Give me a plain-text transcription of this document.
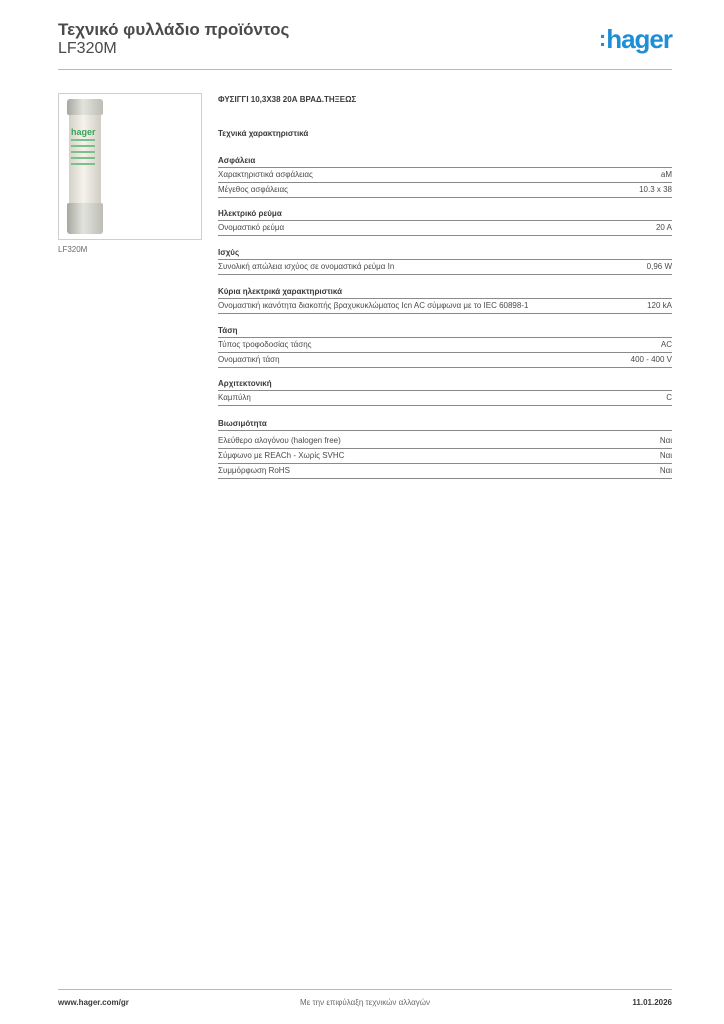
Τεχνικό φυλλάδιο προϊόντος
LF320M	:hager
hager
LF320M
ΦΥΣΙΓΓΙ 10,3Χ38 20Α ΒΡΑΔ.ΤΗΞΕΩΣ
Τεχνικά χαρακτηριστικά
Ασφάλεια
Χαρακτηριστικά ασφάλειας	aM
Μέγεθος ασφάλειας	10.3 x 38
Ηλεκτρικό ρεύμα
Ονομαστικό ρεύμα	20 A
Ισχύς
Συνολική απώλεια ισχύος σε ονομαστικά ρεύμα In	0,96 W
Κύρια ηλεκτρικά χαρακτηριστικά
Ονομαστική ικανότητα διακοπής βραχυκυκλώματος Icn AC σύμφωνα με το IEC 60898-1	120 kA
Τάση
Τύπος τροφοδοσίας τάσης	AC
Ονομαστική τάση	400 - 400 V
Αρχιτεκτονική
Καμπύλη	C
Βιωσιμότητα
Ελεύθερο αλογόνου (halogen free)	Ναι
Σύμφωνο με REACh - Χωρίς SVHC	Ναι
Συμμόρφωση RoHS	Ναι
Με την επιφύλαξη τεχνικών αλλαγών
www.hager.com/gr	11.01.2026
